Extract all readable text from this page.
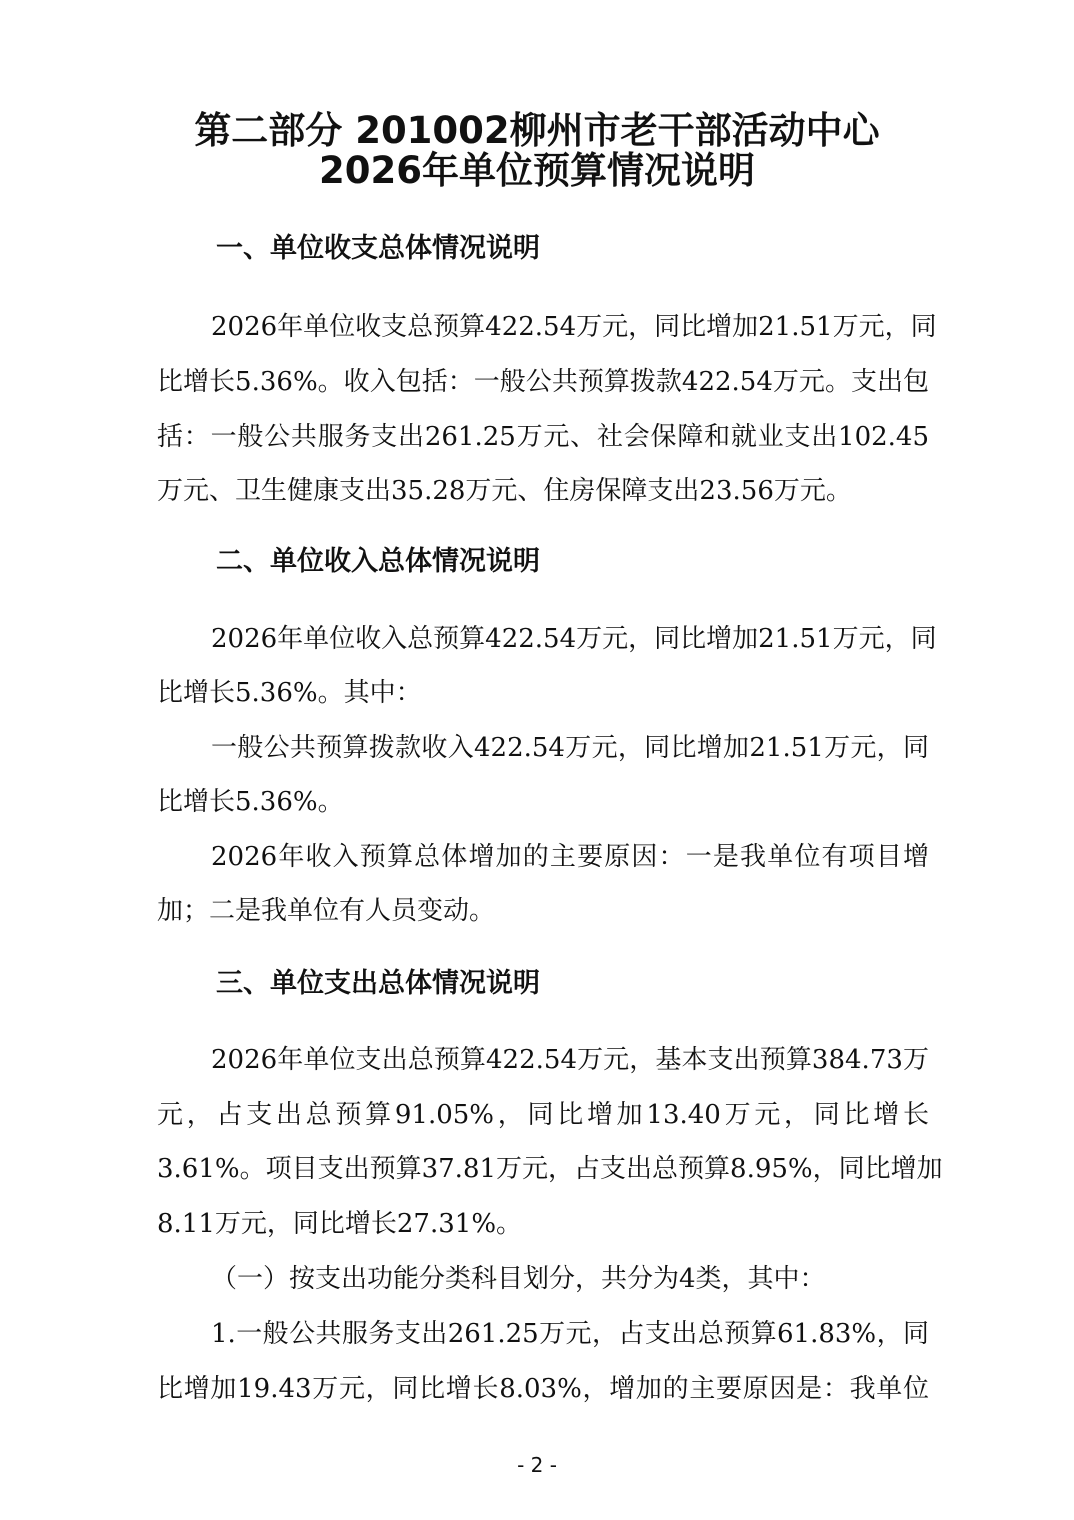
第二部分 201002柳州市老干部活动中心
2026年单位预算情况说明
一、单位收支总体情况说明
2026年单位收支总预算422.54万元，同比增加21.51万元，同
比增长5.36%。收入包括：一般公共预算拨款422.54万元。支出包
括：一般公共服务支出261.25万元、社会保障和就业支出102.45
万元、卫生健康支出35.28万元、住房保障支出23.56万元。
二、单位收入总体情况说明
2026年单位收入总预算422.54万元，同比增加21.51万元，同
比增长5.36%。其中：
一般公共预算拨款收入422.54万元，同比增加21.51万元，同
比增长5.36%。
2026年收入预算总体增加的主要原因：一是我单位有项目增
加；二是我单位有人员变动。
三、单位支出总体情况说明
2026年单位支出总预算422.54万元，基本支出预算384.73万
元，占支出总预算91.05%，同比增加13.40万元，同比增长
3.61%。项目支出预算37.81万元，占支出总预算8.95%，同比增加
8.11万元，同比增长27.31%。
（一）按支出功能分类科目划分，共分为4类，其中：
1.一般公共服务支出261.25万元，占支出总预算61.83%，同
比增加19.43万元，同比增长8.03%，增加的主要原因是：我单位
- 2 -
